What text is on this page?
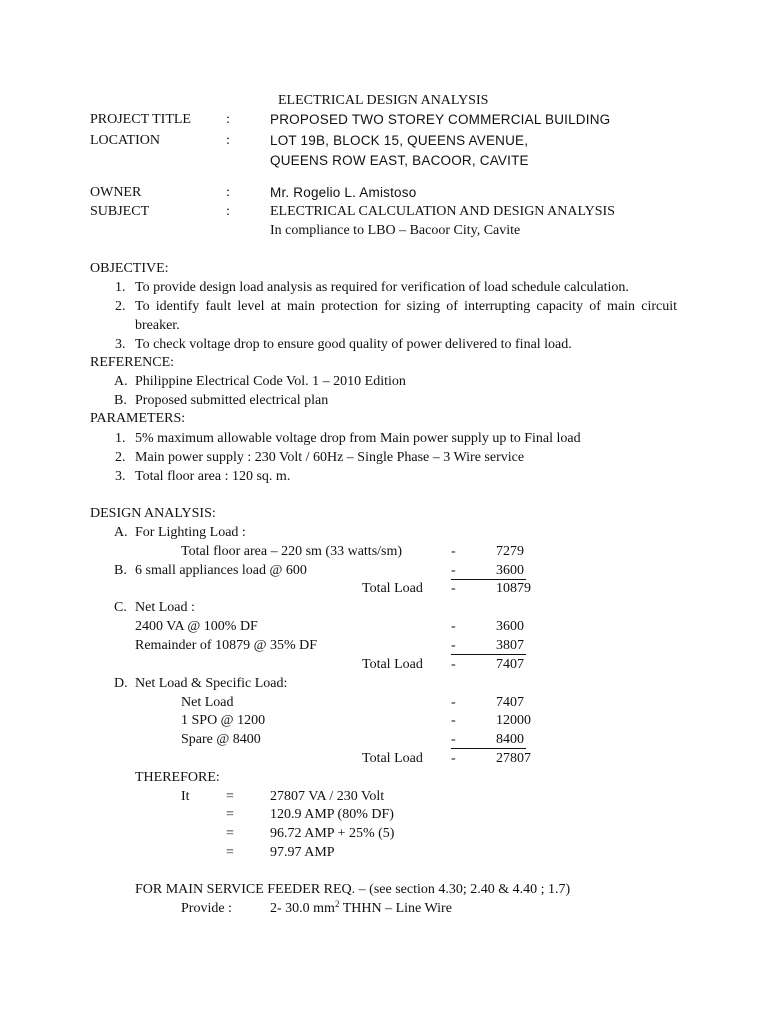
ELECTRICAL DESIGN ANALYSIS
PROJECT TITLE	:	PROPOSED TWO STOREY COMMERCIAL BUILDING
LOCATION	:	LOT 19B, BLOCK 15, QUEENS AVENUE,
QUEENS ROW EAST, BACOOR, CAVITE
OWNER	:	Mr. Rogelio L. Amistoso
SUBJECT	:	ELECTRICAL CALCULATION AND DESIGN ANALYSIS
In compliance to LBO – Bacoor City, Cavite
OBJECTIVE:
1. To provide design load analysis as required for verification of load schedule calculation.
2. To identify fault level at main protection for sizing of interrupting capacity of main circuit
breaker.
3. To check voltage drop to ensure good quality of power delivered to final load.
REFERENCE:
A. Philippine Electrical Code Vol. 1 – 2010 Edition
B. Proposed submitted electrical plan
PARAMETERS:
1. 5% maximum allowable voltage drop from Main power supply up to Final load
2. Main power supply : 230 Volt / 60Hz – Single Phase – 3 Wire service
3. Total floor area : 120 sq. m.
DESIGN ANALYSIS:
A. For Lighting Load :
Total floor area – 220 sm (33 watts/sm)	-	7279
B. 6 small appliances load @ 600	-	3600
Total Load -	10879
C. Net Load :
2400 VA @ 100% DF	-	3600
Remainder of 10879 @ 35% DF	-	3807
Total Load -	7407
D. Net Load & Specific Load:
Net Load	-	7407
1 SPO @ 1200	-	12000
Spare @ 8400	-	8400
Total Load -	27807
THEREFORE:
It	=	27807 VA / 230 Volt
=	120.9 AMP (80% DF)
=	96.72 AMP + 25% (5)
=	97.97 AMP
FOR MAIN SERVICE FEEDER REQ. – (see section 4.30; 2.40 & 4.40 ; 1.7)
Provide :	2- 30.0 $mm^2$ THHN – Line Wire
